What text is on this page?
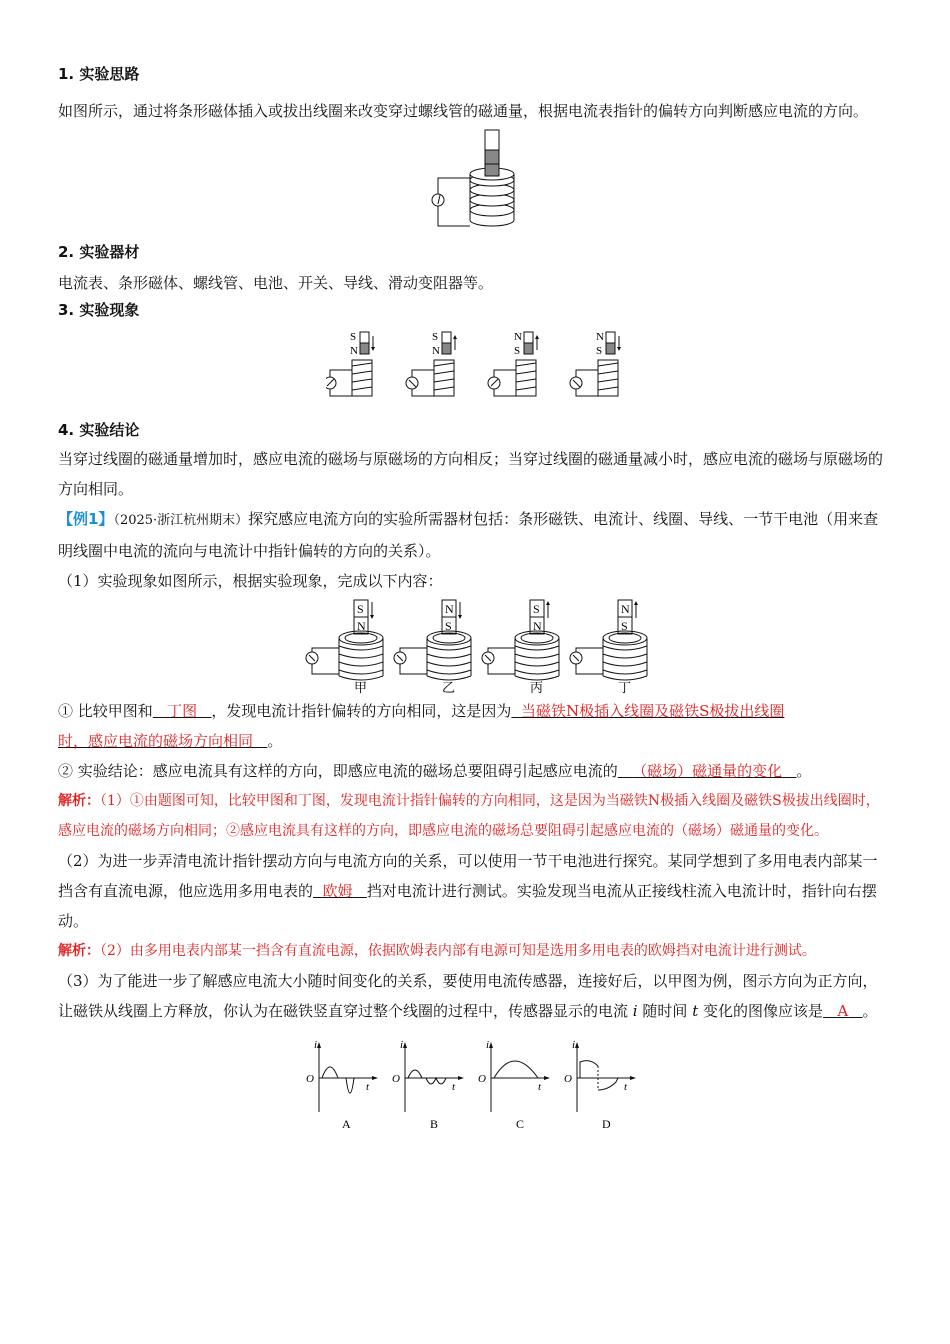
1. 实验思路

如图所示，通过将条形磁体插入或拔出线圈来改变穿过螺线管的磁通量，根据电流表指针的偏转方向判断感应电流的方向。

2. 实验器材

电流表、条形磁体、螺线管、电池、开关、导线、滑动变阻器等。

3. 实验现象

S
N
S
N
N
S
N
S

4. 实验结论

当穿过线圈的磁通量增加时，感应电流的磁场与原磁场的方向相反；当穿过线圈的磁通量减小时，感应电流的磁场与原磁场的方向相同。

【例1】（2025·浙江杭州期末）探究感应电流方向的实验所需器材包括：条形磁铁、电流计、线圈、导线、一节干电池（用来查明线圈中电流的流向与电流计中指针偏转的方向的关系）。

（1）实验现象如图所示，根据实验现象，完成以下内容：

S
N
甲
N
S
乙
S
N
丙
N
S
丁

① 比较甲图和 丁图 ，发现电流计指针偏转的方向相同，这是因为 当磁铁N极插入线圈及磁铁S极拔出线圈
时，感应电流的磁场方向相同 。

② 实验结论：感应电流具有这样的方向，即感应电流的磁场总要阻碍引起感应电流的 （磁场）磁通量的变化 。

解析：（1）①由题图可知，比较甲图和丁图，发现电流计指针偏转的方向相同，这是因为当磁铁N极插入线圈及磁铁S极拔出线圈时，感应电流的磁场方向相同；②感应电流具有这样的方向，即感应电流的磁场总要阻碍引起感应电流的（磁场）磁通量的变化。

（2）为进一步弄清电流计指针摆动方向与电流方向的关系，可以使用一节干电池进行探究。某同学想到了多用电表内部某一挡含有直流电源，他应选用多用电表的 欧姆 挡对电流计进行测试。实验发现当电流从正接线柱流入电流计时，指针向右摆动。

解析：（2）由多用电表内部某一挡含有直流电源，依据欧姆表内部有电源可知是选用多用电表的欧姆挡对电流计进行测试。

（3）为了能进一步了解感应电流大小随时间变化的关系，要使用电流传感器，连接好后，以甲图为例，图示方向为正方向，让磁铁从线圈上方释放，你认为在磁铁竖直穿过整个线圈的过程中，传感器显示的电流 i 随时间 t 变化的图像应该是 A 。

i
O
t
A
i
O
t
B
i
O
t
C
i
O
t
D
